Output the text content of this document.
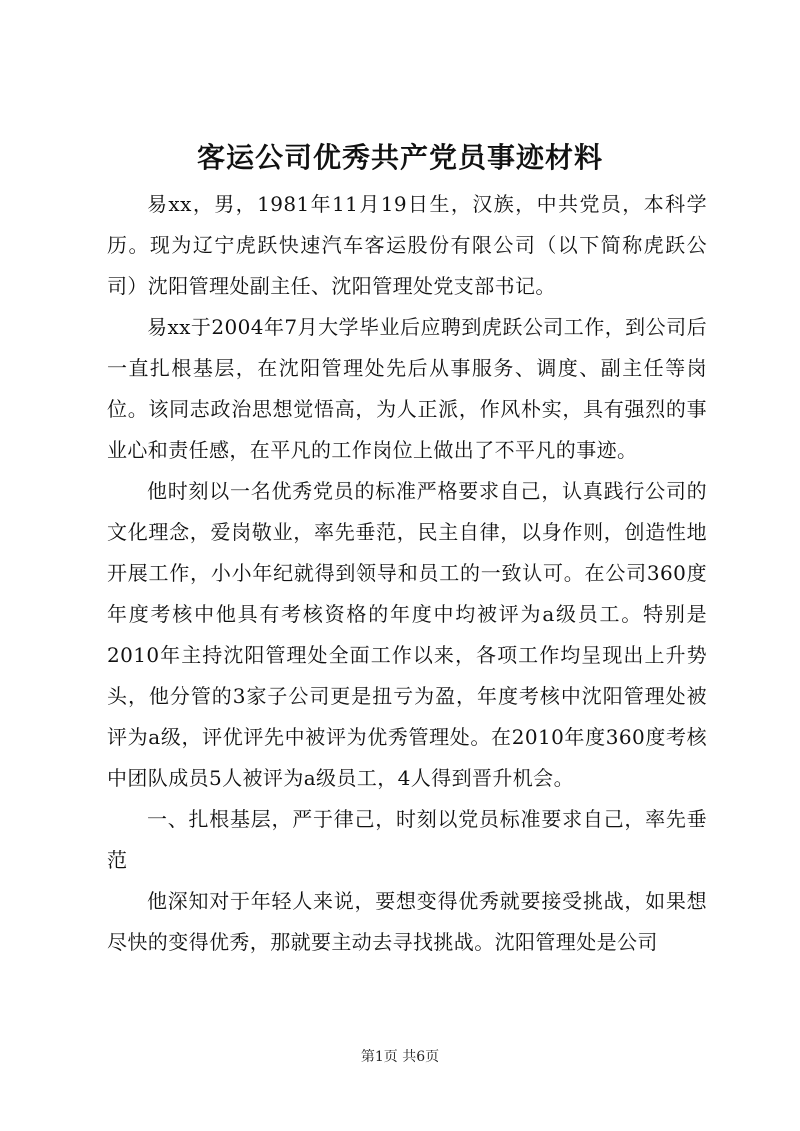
客运公司优秀共产党员事迹材料

易xx，男，1981年11月19日生，汉族，中共党员，本科学历。现为辽宁虎跃快速汽车客运股份有限公司（以下简称虎跃公司）沈阳管理处副主任、沈阳管理处党支部书记。

易xx于2004年7月大学毕业后应聘到虎跃公司工作，到公司后一直扎根基层，在沈阳管理处先后从事服务、调度、副主任等岗位。该同志政治思想觉悟高，为人正派，作风朴实，具有强烈的事业心和责任感，在平凡的工作岗位上做出了不平凡的事迹。

他时刻以一名优秀党员的标准严格要求自己，认真践行公司的文化理念，爱岗敬业，率先垂范，民主自律，以身作则，创造性地开展工作，小小年纪就得到领导和员工的一致认可。在公司360度年度考核中他具有考核资格的年度中均被评为a级员工。特别是2010年主持沈阳管理处全面工作以来，各项工作均呈现出上升势头，他分管的3家子公司更是扭亏为盈，年度考核中沈阳管理处被评为a级，评优评先中被评为优秀管理处。在2010年度360度考核中团队成员5人被评为a级员工，4人得到晋升机会。

一、扎根基层，严于律己，时刻以党员标准要求自己，率先垂范

他深知对于年轻人来说，要想变得优秀就要接受挑战，如果想尽快的变得优秀，那就要主动去寻找挑战。沈阳管理处是公司

第1页 共6页
